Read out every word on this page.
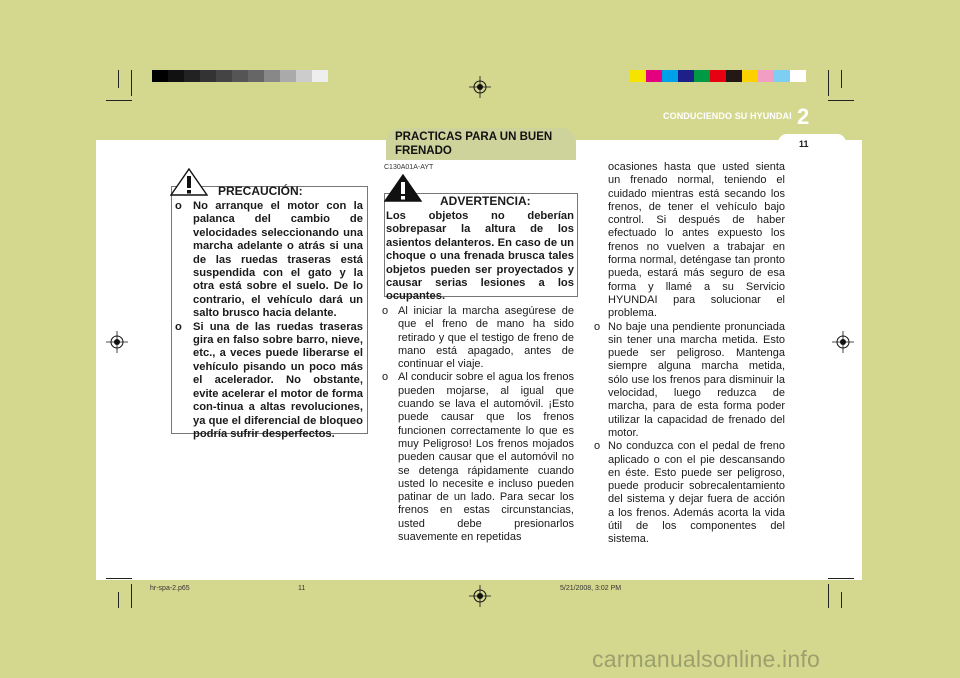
CONDUCIENDO SU HYUNDAI 2
11
PRACTICAS PARA UN BUEN FRENADO
C130A01A-AYT
PRECAUCIÓN:
o No arranque el motor con la palanca del cambio de velocidades seleccionando una marcha adelante o atrás si una de las ruedas traseras está suspendida con el gato y la otra está sobre el suelo. De lo contrario, el vehículo dará un salto brusco hacia delante.
o Si una de las ruedas traseras gira en falso sobre barro, nieve, etc., a veces puede liberarse el vehículo pisando un poco más el acelerador. No obstante, evite acelerar el motor de forma con-tinua a altas revoluciones, ya que el diferencial de bloqueo podría sufrir desperfectos.
ADVERTENCIA:
Los objetos no deberían sobrepasar la altura de los asientos delanteros. En caso de un choque o una frenada brusca tales objetos pueden ser proyectados y causar serias lesiones a los ocupantes.
o Al iniciar la marcha asegúrese de que el freno de mano ha sido retirado y que el testigo de freno de mano está apagado, antes de continuar el viaje.
o Al conducir sobre el agua los frenos pueden mojarse, al igual que cuando se lava el automóvil. ¡Esto puede causar que los frenos funcionen correctamente lo que es muy Peligroso! Los frenos mojados pueden causar que el automóvil no se detenga rápidamente cuando usted lo necesite e incluso pueden patinar de un lado. Para secar los frenos en estas circunstancias, usted debe presionarlos suavemente en repetidas

ocasiones hasta que usted sienta un frenado normal, teniendo el cuidado mientras está secando los frenos, de tener el vehículo bajo control. Si después de haber efectuado lo antes expuesto los frenos no vuelven a trabajar en forma normal, deténgase tan pronto pueda, estará más seguro de esa forma y llamé a su Servicio HYUNDAI para solucionar el problema.

o No baje una pendiente pronunciada sin tener una marcha metida. Esto puede ser peligroso. Mantenga siempre alguna marcha metida, sólo use los frenos para disminuir la velocidad, luego reduzca de marcha, para de esta forma poder utilizar la capacidad de frenado del motor.
o No conduzca con el pedal de freno aplicado o con el pie descansando en éste. Esto puede ser peligroso, puede producir sobrecalentamiento del sistema y dejar fuera de acción a los frenos. Además acorta la vida útil de los componentes del sistema.
hr-spa-2.p65	11	5/21/2008, 3:02 PM
carmanualsonline.info
